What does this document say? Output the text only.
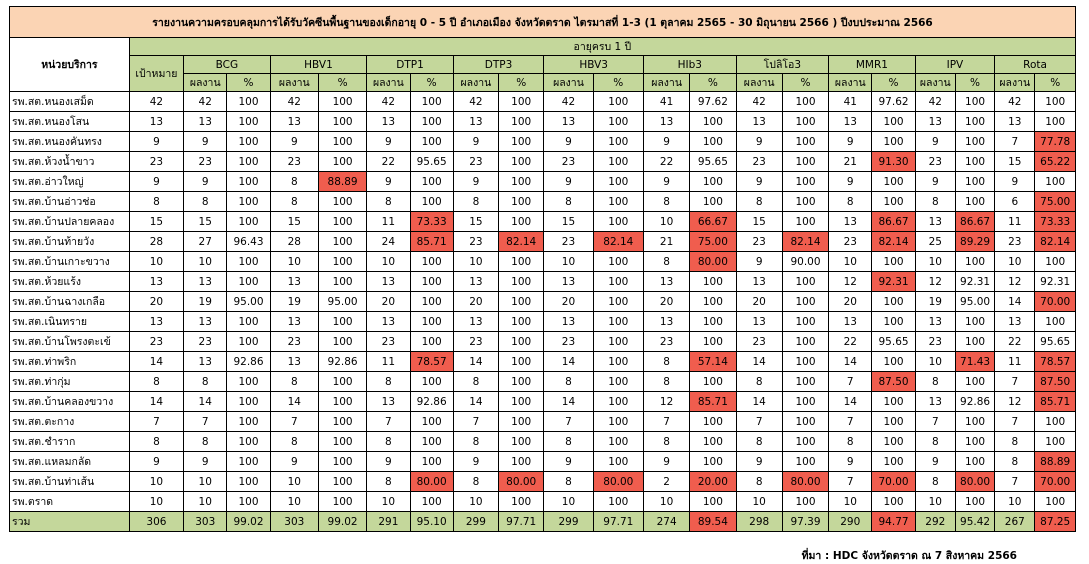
รายงานความครอบคลุมการได้รับวัคซีนพื้นฐานของเด็กอายุ 0 - 5 ปี อำเภอเมือง จังหวัดตราด ไตรมาสที่ 1-3 (1 ตุลาคม 2565 - 30 มิถุนายน 2566 ) ปีงบประมาณ 2566																					
หน่วยบริการ	อายุครบ 1 ปี																				
	เป้าหมาย	BCG		HBV1		DTP1		DTP3		HBV3		HIb3		โปลิโอ3		MMR1		IPV		Rota	
		ผลงาน	%	ผลงาน	%	ผลงาน	%	ผลงาน	%	ผลงาน	%	ผลงาน	%	ผลงาน	%	ผลงาน	%	ผลงาน	%	ผลงาน	%
รพ.สต.หนองเสม็ด	42	42	100	42	100	42	100	42	100	42	100	41	97.62	42	100	41	97.62	42	100	42	100
รพ.สต.หนองโสน	13	13	100	13	100	13	100	13	100	13	100	13	100	13	100	13	100	13	100	13	100
รพ.สต.หนองคันทรง	9	9	100	9	100	9	100	9	100	9	100	9	100	9	100	9	100	9	100	7	77.78
รพ.สต.ห้วงน้ำขาว	23	23	100	23	100	22	95.65	23	100	23	100	22	95.65	23	100	21	91.30	23	100	15	65.22
รพ.สต.อ่าวใหญ่	9	9	100	8	88.89	9	100	9	100	9	100	9	100	9	100	9	100	9	100	9	100
รพ.สต.บ้านอ่าวช่อ	8	8	100	8	100	8	100	8	100	8	100	8	100	8	100	8	100	8	100	6	75.00
รพ.สต.บ้านปลายคลอง	15	15	100	15	100	11	73.33	15	100	15	100	10	66.67	15	100	13	86.67	13	86.67	11	73.33
รพ.สต.บ้านท้ายวัง	28	27	96.43	28	100	24	85.71	23	82.14	23	82.14	21	75.00	23	82.14	23	82.14	25	89.29	23	82.14
รพ.สต.บ้านเกาะขวาง	10	10	100	10	100	10	100	10	100	10	100	8	80.00	9	90.00	10	100	10	100	10	100
รพ.สต.ห้วยแร้ง	13	13	100	13	100	13	100	13	100	13	100	13	100	13	100	12	92.31	12	92.31	12	92.31
รพ.สต.บ้านฉางเกลือ	20	19	95.00	19	95.00	20	100	20	100	20	100	20	100	20	100	20	100	19	95.00	14	70.00
รพ.สต.เนินทราย	13	13	100	13	100	13	100	13	100	13	100	13	100	13	100	13	100	13	100	13	100
รพ.สต.บ้านโพรงตะเข้	23	23	100	23	100	23	100	23	100	23	100	23	100	23	100	22	95.65	23	100	22	95.65
รพ.สต.ท่าพริก	14	13	92.86	13	92.86	11	78.57	14	100	14	100	8	57.14	14	100	14	100	10	71.43	11	78.57
รพ.สต.ท่ากุ่ม	8	8	100	8	100	8	100	8	100	8	100	8	100	8	100	7	87.50	8	100	7	87.50
รพ.สต.บ้านคลองขวาง	14	14	100	14	100	13	92.86	14	100	14	100	12	85.71	14	100	14	100	13	92.86	12	85.71
รพ.สต.ตะกาง	7	7	100	7	100	7	100	7	100	7	100	7	100	7	100	7	100	7	100	7	100
รพ.สต.ชำราก	8	8	100	8	100	8	100	8	100	8	100	8	100	8	100	8	100	8	100	8	100
รพ.สต.แหลมกลัด	9	9	100	9	100	9	100	9	100	9	100	9	100	9	100	9	100	9	100	8	88.89
รพ.สต.บ้านท่าเส้น	10	10	100	10	100	8	80.00	8	80.00	8	80.00	2	20.00	8	80.00	7	70.00	8	80.00	7	70.00
รพ.ตราด	10	10	100	10	100	10	100	10	100	10	100	10	100	10	100	10	100	10	100	10	100
รวม	306	303	99.02	303	99.02	291	95.10	299	97.71	299	97.71	274	89.54	298	97.39	290	94.77	292	95.42	267	87.25
ที่มา : HDC จังหวัดตราด ณ 7 สิงหาคม 2566
